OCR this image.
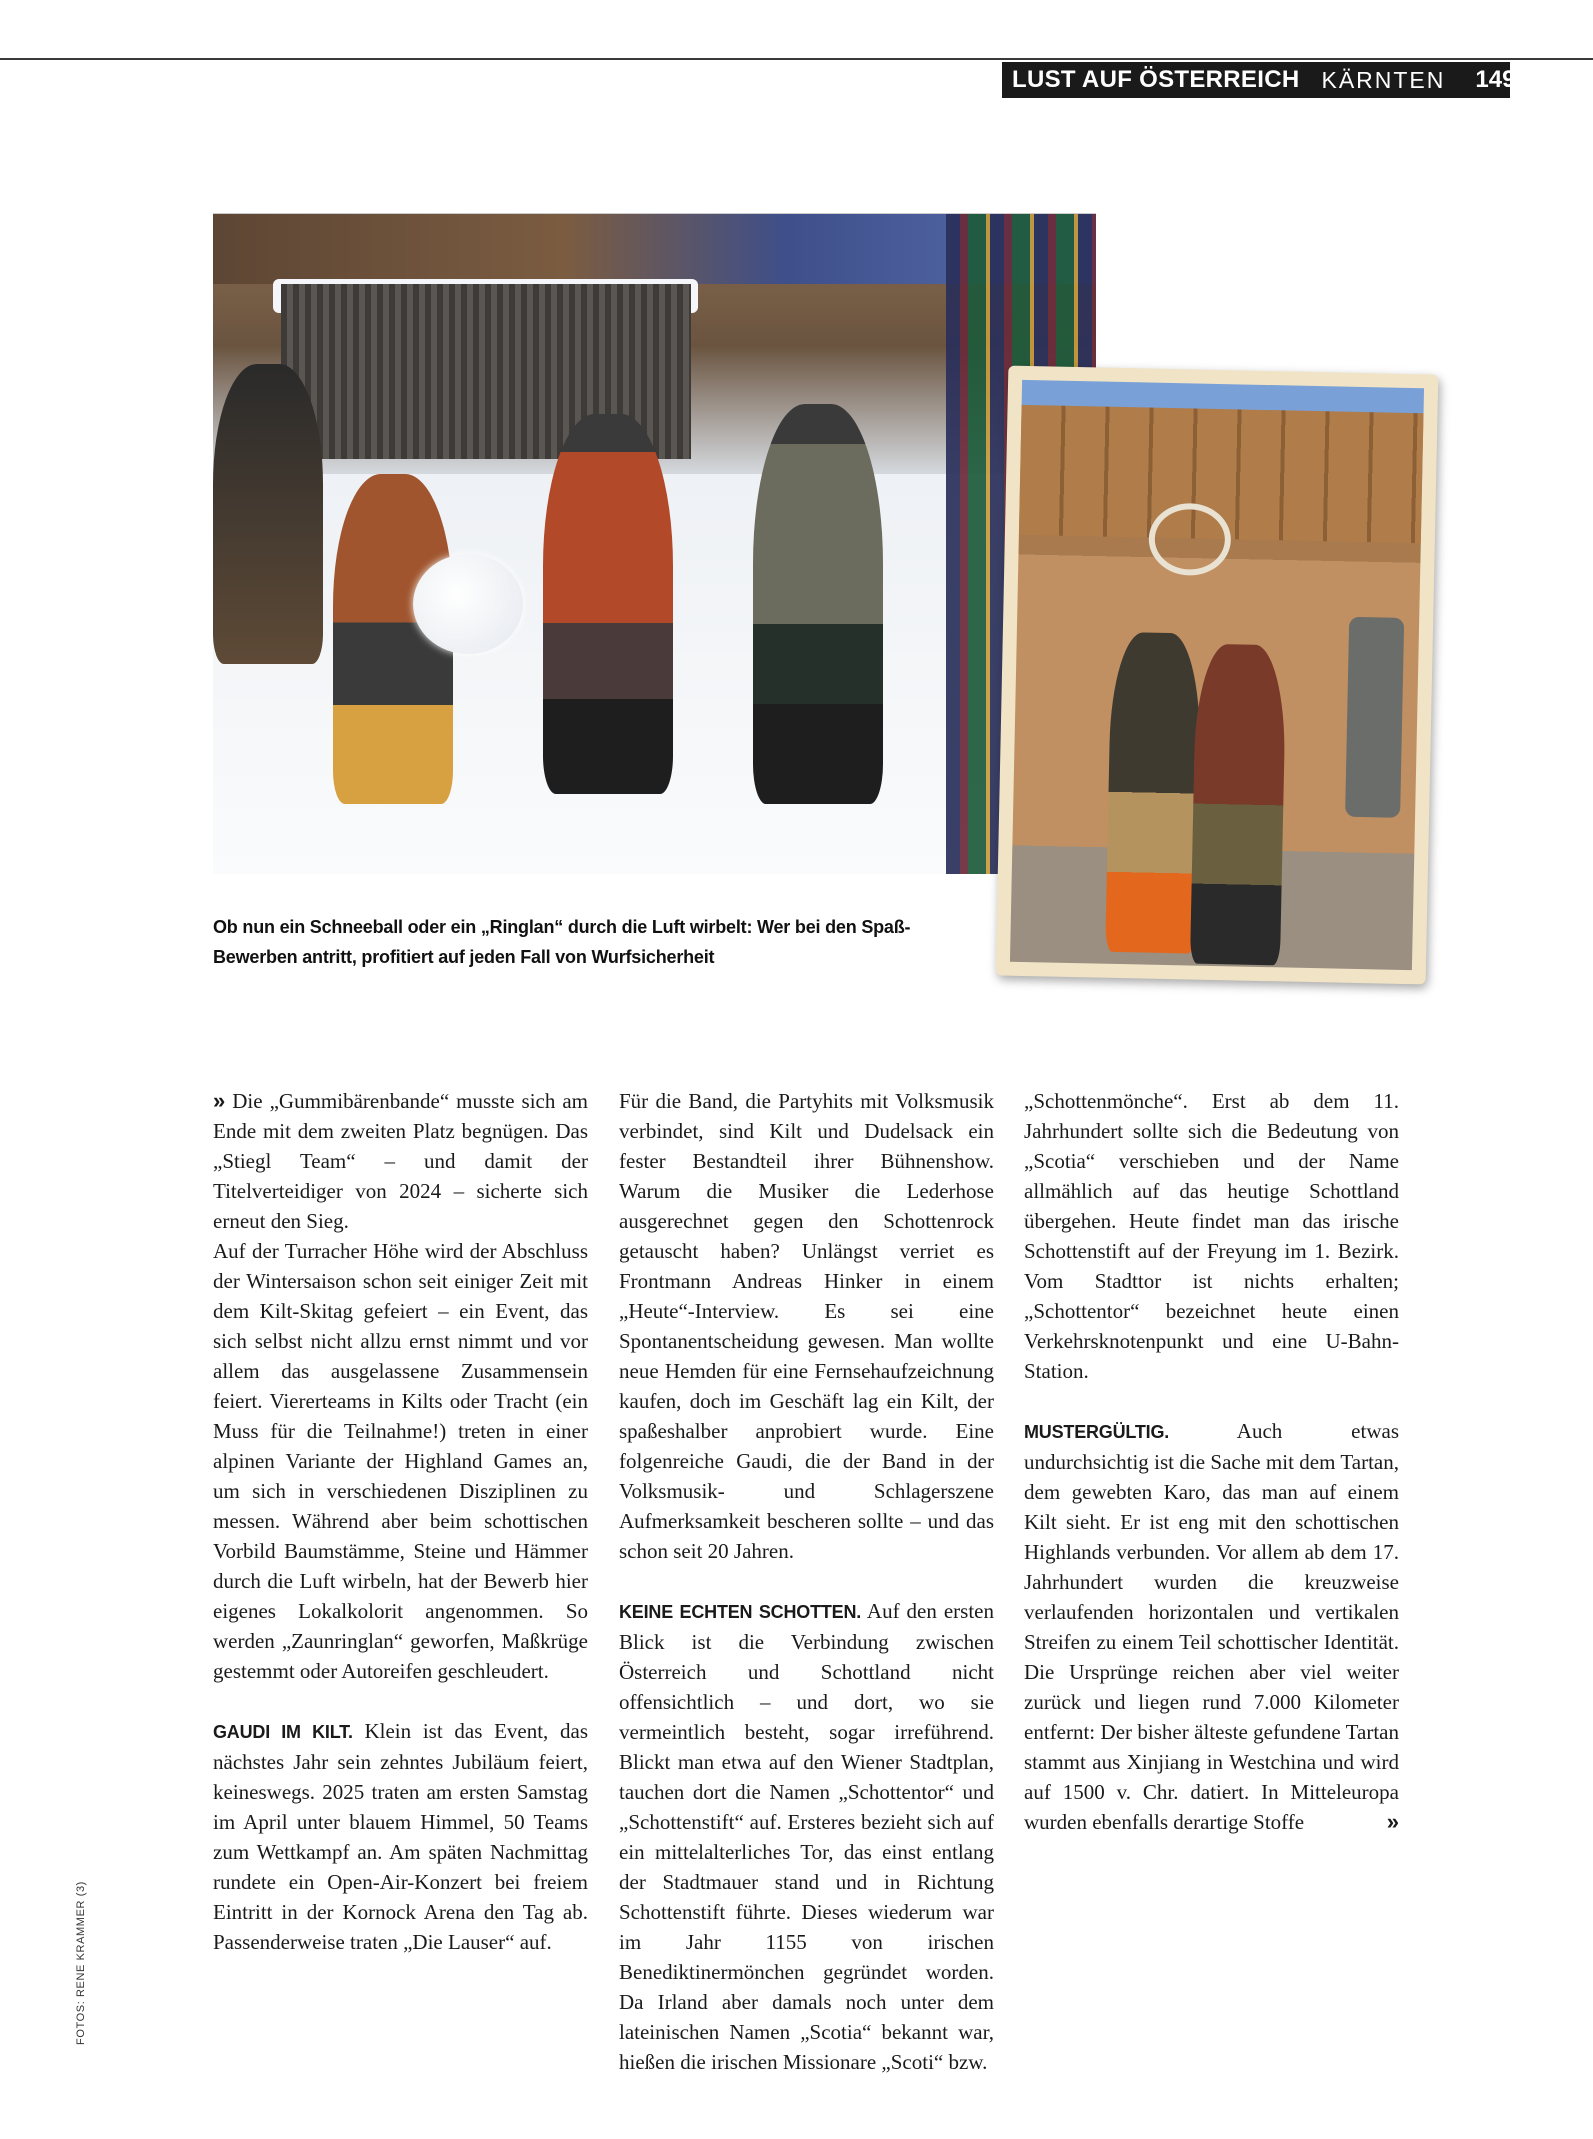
LUST AUF ÖSTERREICH KÄRNTEN	149
Ob nun ein Schneeball oder ein „Ringlan“ durch die Luft wirbelt: Wer bei den Spaß-Bewerben antritt, profitiert auf jeden Fall von Wurfsicherheit

» Die „Gummibärenbande“ musste sich am Ende mit dem zweiten Platz begnügen. Das „Stiegl Team“ – und damit der Titelverteidiger von 2024 – sicherte sich erneut den Sieg.

Auf der Turracher Höhe wird der Abschluss der Wintersaison schon seit einiger Zeit mit dem Kilt-Skitag gefeiert – ein Event, das sich selbst nicht allzu ernst nimmt und vor allem das ausgelassene Zusammensein feiert. Viererteams in Kilts oder Tracht (ein Muss für die Teilnahme!) treten in einer alpinen Variante der Highland Games an, um sich in verschiedenen Disziplinen zu messen. Während aber beim schottischen Vorbild Baumstämme, Steine und Hämmer durch die Luft wirbeln, hat der Bewerb hier eigenes Lokalkolorit angenommen. So werden „Zaunringlan“ geworfen, Maßkrüge gestemmt oder Autoreifen geschleudert.

GAUDI IM KILT. Klein ist das Event, das nächstes Jahr sein zehntes Jubiläum feiert, keineswegs. 2025 traten am ersten Samstag im April unter blauem Himmel, 50 Teams zum Wettkampf an. Am späten Nachmittag rundete ein Open-Air-Konzert bei freiem Eintritt in der Kornock Arena den Tag ab. Passenderweise traten „Die Lauser“ auf.

Für die Band, die Partyhits mit Volksmusik verbindet, sind Kilt und Dudelsack ein fester Bestandteil ihrer Bühnenshow. Warum die Musiker die Lederhose ausgerechnet gegen den Schottenrock getauscht haben? Unlängst verriet es Frontmann Andreas Hinker in einem „Heute“-Interview. Es sei eine Spontanentscheidung gewesen. Man wollte neue Hemden für eine Fernsehaufzeichnung kaufen, doch im Geschäft lag ein Kilt, der spaßeshalber anprobiert wurde. Eine folgenreiche Gaudi, die der Band in der Volksmusik- und Schlagerszene Aufmerksamkeit bescheren sollte – und das schon seit 20 Jahren.

KEINE ECHTEN SCHOTTEN. Auf den ersten Blick ist die Verbindung zwischen Österreich und Schottland nicht offensichtlich – und dort, wo sie vermeintlich besteht, sogar irreführend. Blickt man etwa auf den Wiener Stadtplan, tauchen dort die Namen „Schottentor“ und „Schottenstift“ auf. Ersteres bezieht sich auf ein mittelalterliches Tor, das einst entlang der Stadtmauer stand und in Richtung Schottenstift führte. Dieses wiederum war im Jahr 1155 von irischen Benediktinermönchen gegründet worden. Da Irland aber damals noch unter dem lateinischen Namen „Scotia“ bekannt war, hießen die irischen Missionare „Scoti“ bzw.

„Schottenmönche“. Erst ab dem 11. Jahrhundert sollte sich die Bedeutung von „Scotia“ verschieben und der Name allmählich auf das heutige Schottland übergehen. Heute findet man das irische Schottenstift auf der Freyung im 1. Bezirk. Vom Stadttor ist nichts erhalten; „Schottentor“ bezeichnet heute einen Verkehrsknotenpunkt und eine U-Bahn-Station.

MUSTERGÜLTIG. Auch etwas undurchsichtig ist die Sache mit dem Tartan, dem gewebten Karo, das man auf einem Kilt sieht. Er ist eng mit den schottischen Highlands verbunden. Vor allem ab dem 17. Jahrhundert wurden die kreuzweise verlaufenden horizontalen und vertikalen Streifen zu einem Teil schottischer Identität. Die Ursprünge reichen aber viel weiter zurück und liegen rund 7.000 Kilometer entfernt: Der bisher älteste gefundene Tartan stammt aus Xinjiang in Westchina und wird auf 1500 v. Chr. datiert. In Mitteleuropa wurden ebenfalls derartige Stoffe	»

FOTOS: RENE KRAMMER (3)
